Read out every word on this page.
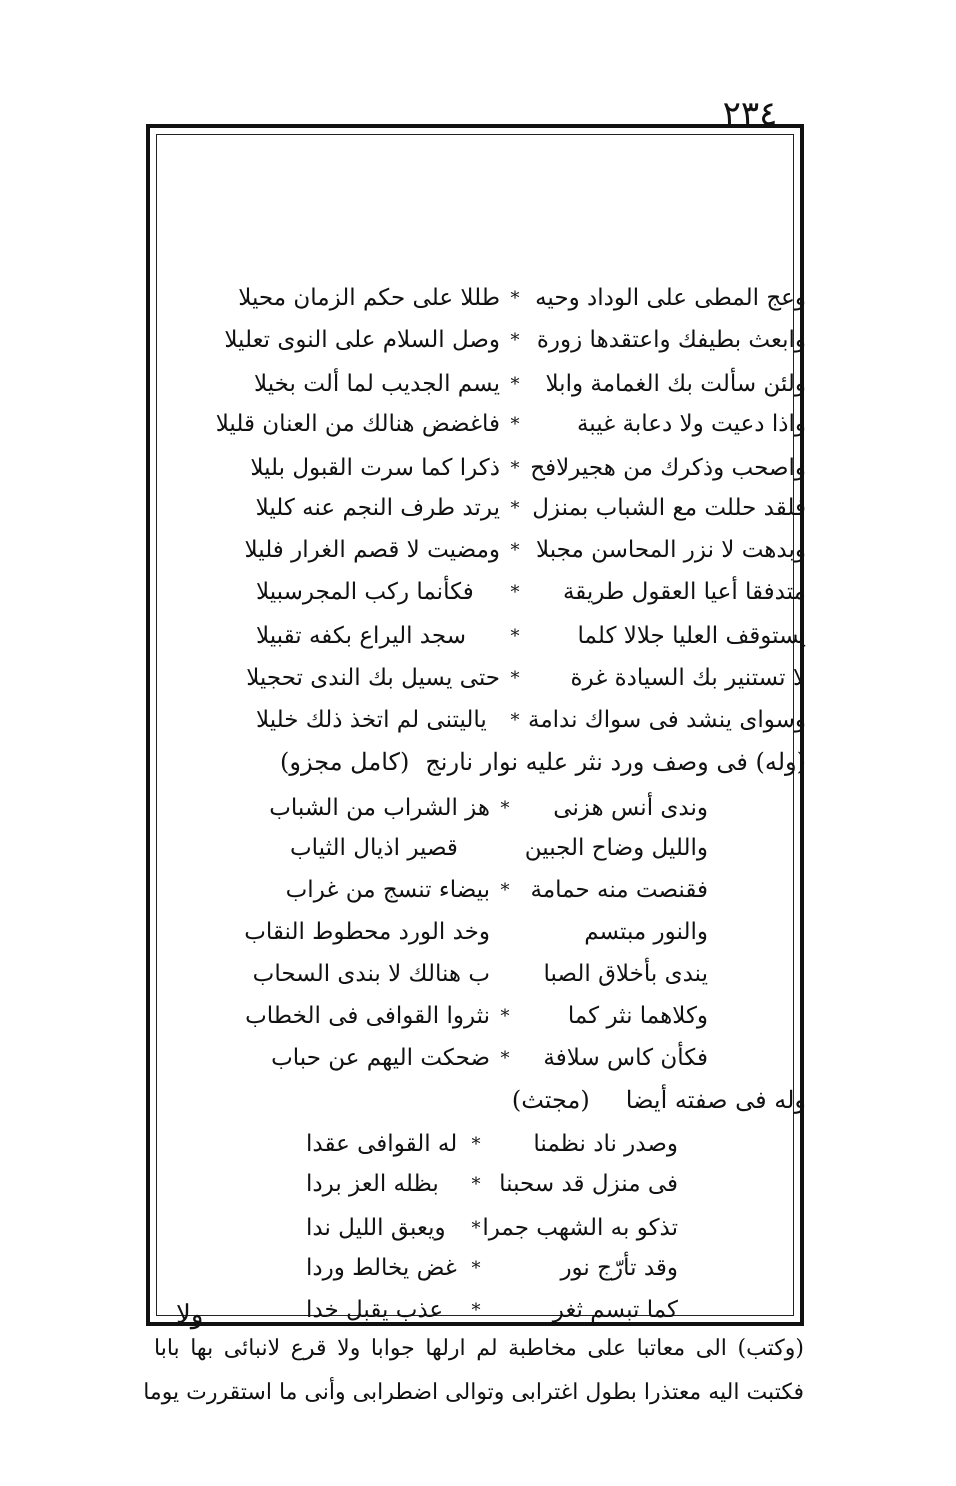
٢٣٤
وعج المطى على الوداد وحيه
*
طللا على حكم الزمان محيلا
وابعث بطيفك واعتقدها زورة
*
وصل السلام على النوى تعليلا
ولئن سألت بك الغمامة وابلا
*
يسم الجديب لما ألت بخيلا
واذا دعيت ولا دعابة غيبة
*
فاغضض هنالك من العنان قليلا
واصحب وذكرك من هجيرلافح
*
ذكرا كما سرت القبول بليلا
فلقد حللت مع الشباب بمنزل
*
يرتد طرف النجم عنه كليلا
وبدهت لا نزر المحاسن مجبلا
*
ومضيت لا قصم الغرار فليلا
متدفقا أعيا العقول طريقة
*
فكأنما ركب المجرسبيلا
يستوقف العليا جلالا كلما
*
سجد اليراع بكفه تقبيلا
لا تستنير بك السيادة غرة
*
حتى يسيل بك الندى تحجيلا
وسواى ينشد فى سواك ندامة
*
ياليتنى لم اتخذ ذلك خليلا
(وله) فى وصف ورد نثر عليه نوار نارنج
(كامل مجزو)
وندى أنس هزنى
*
هز الشراب من الشباب
والليل وضاح الجبين
قصير اذيال الثياب
فقنصت منه حمامة
*
بيضاء تنسج من غراب
والنور مبتسم
وخد الورد محطوط النقاب
يندى بأخلاق الصبا
ب هنالك لا بندى السحاب
وكلاهما نثر كما
*
نثروا القوافى فى الخطاب
فكأن كاس سلافة
*
ضحكت اليهم عن حباب
وله فى صفته أيضا
(مجتث)
وصدر ناد نظمنا
*
له القوافى عقدا
فى منزل قد سحبنا
*
بظله العز بردا
تذكو به الشهب جمرا
*
ويعبق الليل ندا
وقد تأرّج نور
*
غض يخالط وردا
كما تبسم ثغر
*
عذب يقبل خدا
(وكتب) الى معاتبا على مخاطبة لم ارلها جوابا ولا قرع لانبائى بها بابا
فكتبت اليه معتذرا بطول اغترابى وتوالى اضطرابى وأنى ما استقررت يوما
ولا
